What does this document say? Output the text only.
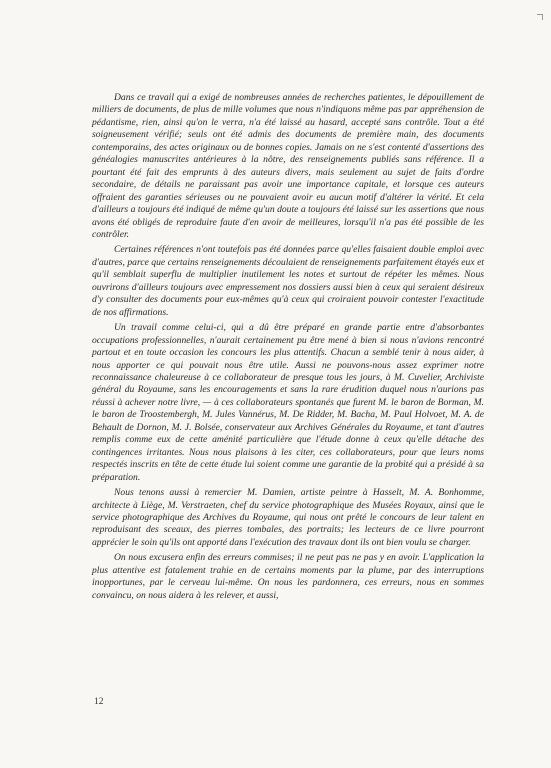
Dans ce travail qui a exigé de nombreuses années de recherches patientes, le dépouillement de milliers de documents, de plus de mille volumes que nous n'indiquons même pas par appréhension de pédantisme, rien, ainsi qu'on le verra, n'a été laissé au hasard, accepté sans contrôle. Tout a été soigneusement vérifié; seuls ont été admis des documents de première main, des documents contemporains, des actes originaux ou de bonnes copies. Jamais on ne s'est contenté d'assertions des généalogies manuscrites antérieures à la nôtre, des renseignements publiés sans référence. Il a pourtant été fait des emprunts à des auteurs divers, mais seulement au sujet de faits d'ordre secondaire, de détails ne paraissant pas avoir une importance capitale, et lorsque ces auteurs offraient des garanties sérieuses ou ne pouvaient avoir eu aucun motif d'altérer la vérité. Et cela d'ailleurs a toujours été indiqué de même qu'un doute a toujours été laissé sur les assertions que nous avons été obligés de reproduire faute d'en avoir de meilleures, lorsqu'il n'a pas été possible de les contrôler.

Certaines références n'ont toutefois pas été données parce qu'elles faisaient double emploi avec d'autres, parce que certains renseignements découlaient de renseignements parfaitement étayés eux et qu'il semblait superflu de multiplier inutilement les notes et surtout de répéter les mêmes. Nous ouvrirons d'ailleurs toujours avec empressement nos dossiers aussi bien à ceux qui seraient désireux d'y consulter des documents pour eux-mêmes qu'à ceux qui croiraient pouvoir contester l'exactitude de nos affirmations.

Un travail comme celui-ci, qui a dû être préparé en grande partie entre d'absorbantes occupations professionnelles, n'aurait certainement pu être mené à bien si nous n'avions rencontré partout et en toute occasion les concours les plus attentifs. Chacun a semblé tenir à nous aider, à nous apporter ce qui pouvait nous être utile. Aussi ne pouvons-nous assez exprimer notre reconnaissance chaleureuse à ce collaborateur de presque tous les jours, à M. Cuvelier, Archiviste général du Royaume, sans les encouragements et sans la rare érudition duquel nous n'aurions pas réussi à achever notre livre, — à ces collaborateurs spontanés que furent M. le baron de Borman, M. le baron de Troostembergh, M. Jules Vannérus, M. De Ridder, M. Bacha, M. Paul Holvoet, M. A. de Behault de Dornon, M. J. Bolsée, conservateur aux Archives Générales du Royaume, et tant d'autres remplis comme eux de cette aménité particulière que l'étude donne à ceux qu'elle détache des contingences irritantes. Nous nous plaisons à les citer, ces collaborateurs, pour que leurs noms respectés inscrits en tête de cette étude lui soient comme une garantie de la probité qui a présidé à sa préparation.

Nous tenons aussi à remercier M. Damien, artiste peintre à Hasselt, M. A. Bonhomme, architecte à Liège, M. Verstraeten, chef du service photographique des Musées Royaux, ainsi que le service photographique des Archives du Royaume, qui nous ont prêté le concours de leur talent en reproduisant des sceaux, des pierres tombales, des portraits; les lecteurs de ce livre pourront apprécier le soin qu'ils ont apporté dans l'exécution des travaux dont ils ont bien voulu se charger.

On nous excusera enfin des erreurs commises; il ne peut pas ne pas y en avoir. L'application la plus attentive est fatalement trahie en de certains moments par la plume, par des interruptions inopportunes, par le cerveau lui-même. On nous les pardonnera, ces erreurs, nous en sommes convaincu, on nous aidera à les relever, et aussi,

12
